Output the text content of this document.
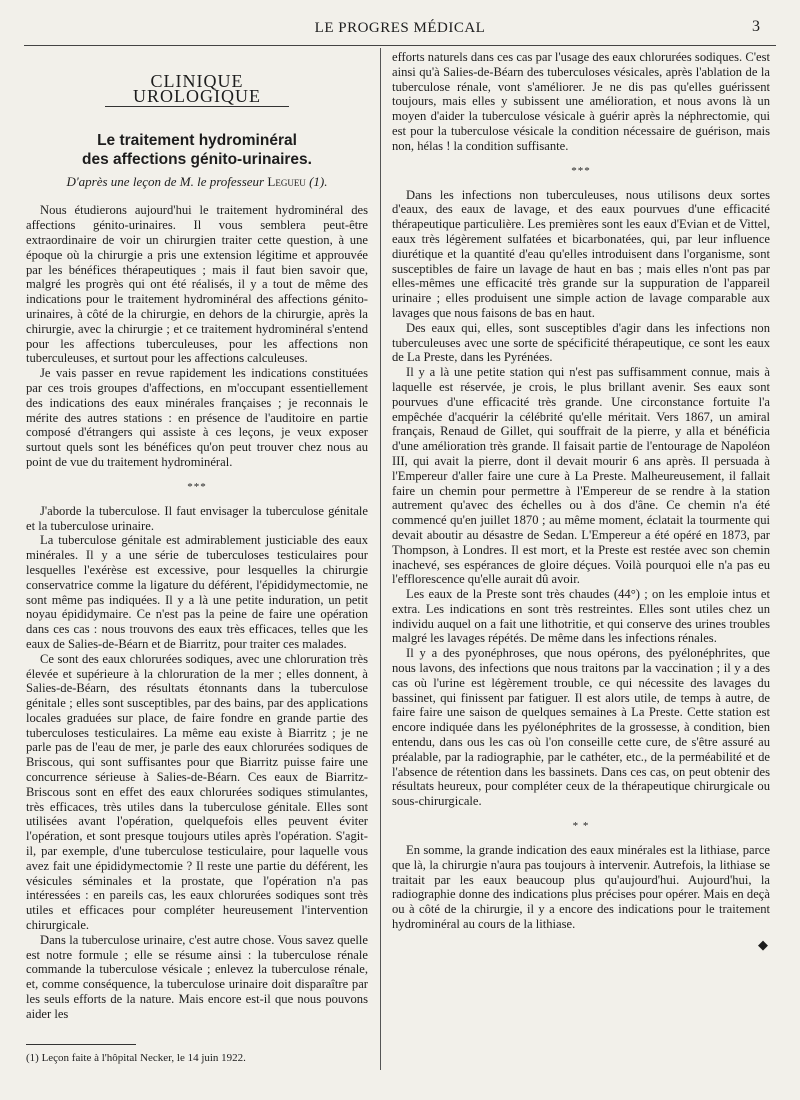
LE PROGRES MÉDICAL	3
CLINIQUE UROLOGIQUE
Le traitement hydrominéral
des affections génito-urinaires.
D'après une leçon de M. le professeur Legueu (1).

Nous étudierons aujourd'hui le traitement hydrominéral des affections génito-urinaires. Il vous semblera peut-être extraordinaire de voir un chirurgien traiter cette question, à une époque où la chirurgie a pris une extension légitime et approuvée par les bénéfices thérapeutiques ; mais il faut bien savoir que, malgré les progrès qui ont été réalisés, il y a tout de même des indications pour le traitement hydrominéral des affections génito-urinaires, à côté de la chirurgie, en dehors de la chirurgie, après la chirurgie, avec la chirurgie ; et ce traitement hydrominéral s'entend pour les affections tuberculeuses, pour les affections non tuberculeuses, et surtout pour les affections calculeuses.

Je vais passer en revue rapidement les indications constituées par ces trois groupes d'affections, en m'occupant essentiellement des indications des eaux minérales françaises ; je reconnais le mérite des autres stations : en présence de l'auditoire en partie composé d'étrangers qui assiste à ces leçons, je veux exposer surtout quels sont les bénéfices qu'on peut trouver chez nous au point de vue du traitement hydrominéral.

***

J'aborde la tuberculose. Il faut envisager la tuberculose génitale et la tuberculose urinaire.

La tuberculose génitale est admirablement justiciable des eaux minérales. Il y a une série de tuberculoses testiculaires pour lesquelles l'exérèse est excessive, pour lesquelles la chirurgie conservatrice comme la ligature du déférent, l'épididymectomie, ne sont même pas indiquées. Il y a là une petite induration, un petit noyau épididymaire. Ce n'est pas la peine de faire une opération dans ces cas : nous trouvons des eaux très efficaces, telles que les eaux de Salies-de-Béarn et de Biarritz, pour traiter ces malades.

Ce sont des eaux chlorurées sodiques, avec une chloruration très élevée et supérieure à la chloruration de la mer ; elles donnent, à Salies-de-Béarn, des résultats étonnants dans la tuberculose génitale ; elles sont susceptibles, par des bains, par des applications locales graduées sur place, de faire fondre en grande partie des tuberculoses testiculaires. La même eau existe à Biarritz ; je ne parle pas de l'eau de mer, je parle des eaux chlorurées sodiques de Briscous, qui sont suffisantes pour que Biarritz puisse faire une concurrence sérieuse à Salies-de-Béarn. Ces eaux de Biarritz-Briscous sont en effet des eaux chlorurées sodiques stimulantes, très efficaces, très utiles dans la tuberculose génitale. Elles sont utilisées avant l'opération, quelquefois elles peuvent éviter l'opération, et sont presque toujours utiles après l'opération. S'agit-il, par exemple, d'une tuberculose testiculaire, pour laquelle vous avez fait une épididymectomie ? Il reste une partie du déférent, les vésicules séminales et la prostate, que l'opération n'a pas intéressées : en pareils cas, les eaux chlorurées sodiques sont très utiles et efficaces pour compléter heureusement l'intervention chirurgicale.

Dans la tuberculose urinaire, c'est autre chose. Vous savez quelle est notre formule ; elle se résume ainsi : la tuberculose rénale commande la tuberculose vésicale ; enlevez la tuberculose rénale, et, comme conséquence, la tuberculose urinaire doit disparaître par les seuls efforts de la nature. Mais encore est-il que nous pouvons aider les

(1) Leçon faite à l'hôpital Necker, le 14 juin 1922.

efforts naturels dans ces cas par l'usage des eaux chlorurées sodiques. C'est ainsi qu'à Salies-de-Béarn des tuberculoses vésicales, après l'ablation de la tuberculose rénale, vont s'améliorer. Je ne dis pas qu'elles guérissent toujours, mais elles y subissent une amélioration, et nous avons là un moyen d'aider la tuberculose vésicale à guérir après la néphrectomie, qui est pour la tuberculose vésicale la condition nécessaire de guérison, mais non, hélas ! la condition suffisante.

***

Dans les infections non tuberculeuses, nous utilisons deux sortes d'eaux, des eaux de lavage, et des eaux pourvues d'une efficacité thérapeutique particulière. Les premières sont les eaux d'Evian et de Vittel, eaux très légèrement sulfatées et bicarbonatées, qui, par leur influence diurétique et la quantité d'eau qu'elles introduisent dans l'organisme, sont susceptibles de faire un lavage de haut en bas ; mais elles n'ont pas par elles-mêmes une efficacité très grande sur la suppuration de l'appareil urinaire ; elles produisent une simple action de lavage comparable aux lavages que nous faisons de bas en haut.

Des eaux qui, elles, sont susceptibles d'agir dans les infections non tuberculeuses avec une sorte de spécificité thérapeutique, ce sont les eaux de La Preste, dans les Pyrénées.

Il y a là une petite station qui n'est pas suffisamment connue, mais à laquelle est réservée, je crois, le plus brillant avenir. Ses eaux sont pourvues d'une efficacité très grande. Une circonstance fortuite l'a empêchée d'acquérir la célébrité qu'elle méritait. Vers 1867, un amiral français, Renaud de Gillet, qui souffrait de la pierre, y alla et bénéficia d'une amélioration très grande. Il faisait partie de l'entourage de Napoléon III, qui avait la pierre, dont il devait mourir 6 ans après. Il persuada à l'Empereur d'aller faire une cure à La Preste. Malheureusement, il fallait faire un chemin pour permettre à l'Empereur de se rendre à la station autrement qu'avec des échelles ou à dos d'âne. Ce chemin n'a été commencé qu'en juillet 1870 ; au même moment, éclatait la tourmente qui devait aboutir au désastre de Sedan. L'Empereur a été opéré en 1873, par Thompson, à Londres. Il est mort, et la Preste est restée avec son chemin inachevé, ses espérances de gloire déçues. Voilà pourquoi elle n'a pas eu l'efflorescence qu'elle aurait dû avoir.

Les eaux de la Preste sont très chaudes (44°) ; on les emploie intus et extra. Les indications en sont très restreintes. Elles sont utiles chez un individu auquel on a fait une lithotritie, et qui conserve des urines troubles malgré les lavages répétés. De même dans les infections rénales.

Il y a des pyonéphroses, que nous opérons, des pyélonéphrites, que nous lavons, des infections que nous traitons par la vaccination ; il y a des cas où l'urine est légèrement trouble, ce qui nécessite des lavages du bassinet, qui finissent par fatiguer. Il est alors utile, de temps à autre, de faire faire une saison de quelques semaines à La Preste. Cette station est encore indiquée dans les pyélonéphrites de la grossesse, à condition, bien entendu, dans ous les cas où l'on conseille cette cure, de s'être assuré au préalable, par la radiographie, par le cathéter, etc., de la perméabilité et de l'absence de rétention dans les bassinets. Dans ces cas, on peut obtenir des résultats heureux, pour compléter ceux de la thérapeutique chirurgicale ou sous-chirurgicale.

* *

En somme, la grande indication des eaux minérales est la lithiase, parce que là, la chirurgie n'aura pas toujours à intervenir. Autrefois, la lithiase se traitait par les eaux beaucoup plus qu'aujourd'hui. Aujourd'hui, la radiographie donne des indications plus précises pour opérer. Mais en deçà ou à côté de la chirurgie, il y a encore des indications pour le traitement hydrominéral au cours de la lithiase.

◆
